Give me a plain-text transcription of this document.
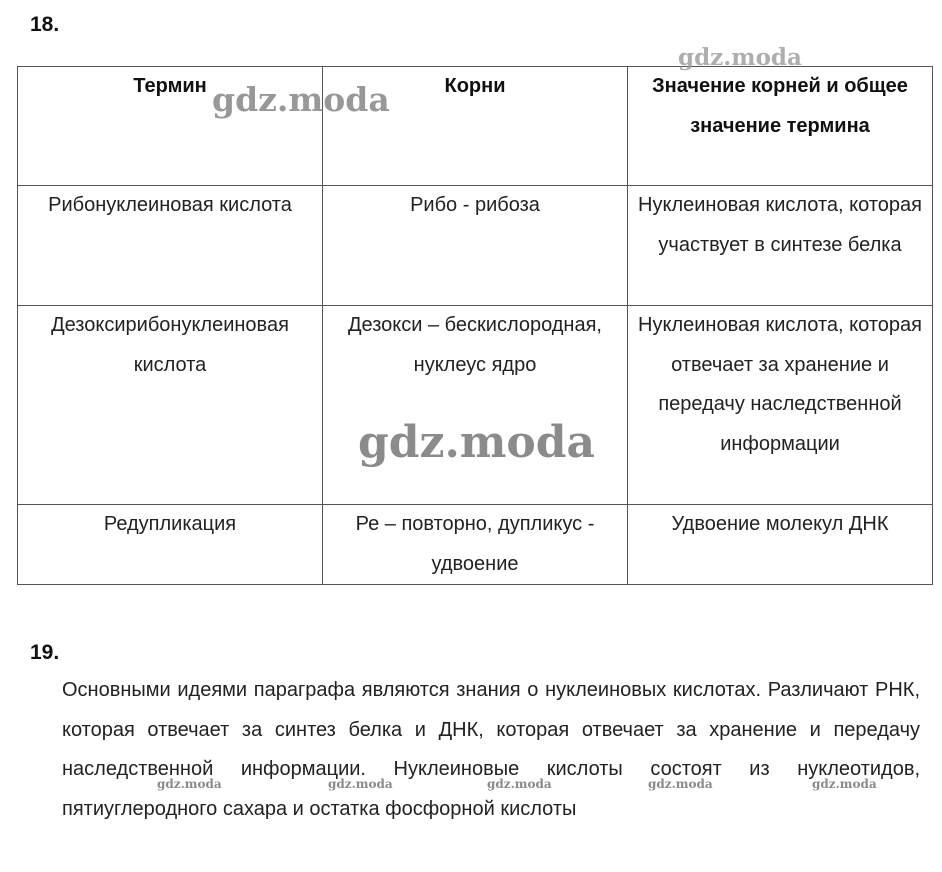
18.

Термин	Корни	Значение корней и общее значение термина
Рибонуклеиновая кислота	Рибо - рибоза	Нуклеиновая кислота, которая участвует в синтезе белка
Дезоксирибонуклеиновая кислота	Дезокси – бескислородная, нуклеус ядро	Нуклеиновая кислота, которая отвечает за хранение и передачу наследственной информации
Редупликация	Ре – повторно, дупликус - удвоение	Удвоение молекул ДНК

19.

Основными идеями параграфа являются знания о нуклеиновых кислотах. Различают РНК, которая отвечает за синтез белка и ДНК, которая отвечает за хранение и передачу наследственной информации. Нуклеиновые кислоты состоят из нуклеотидов, пятиуглеродного сахара и остатка фосфорной кислоты

gdz.moda
gdz.moda
gdz.moda
gdz.moda	gdz.moda	gdz.moda	gdz.moda	gdz.moda
